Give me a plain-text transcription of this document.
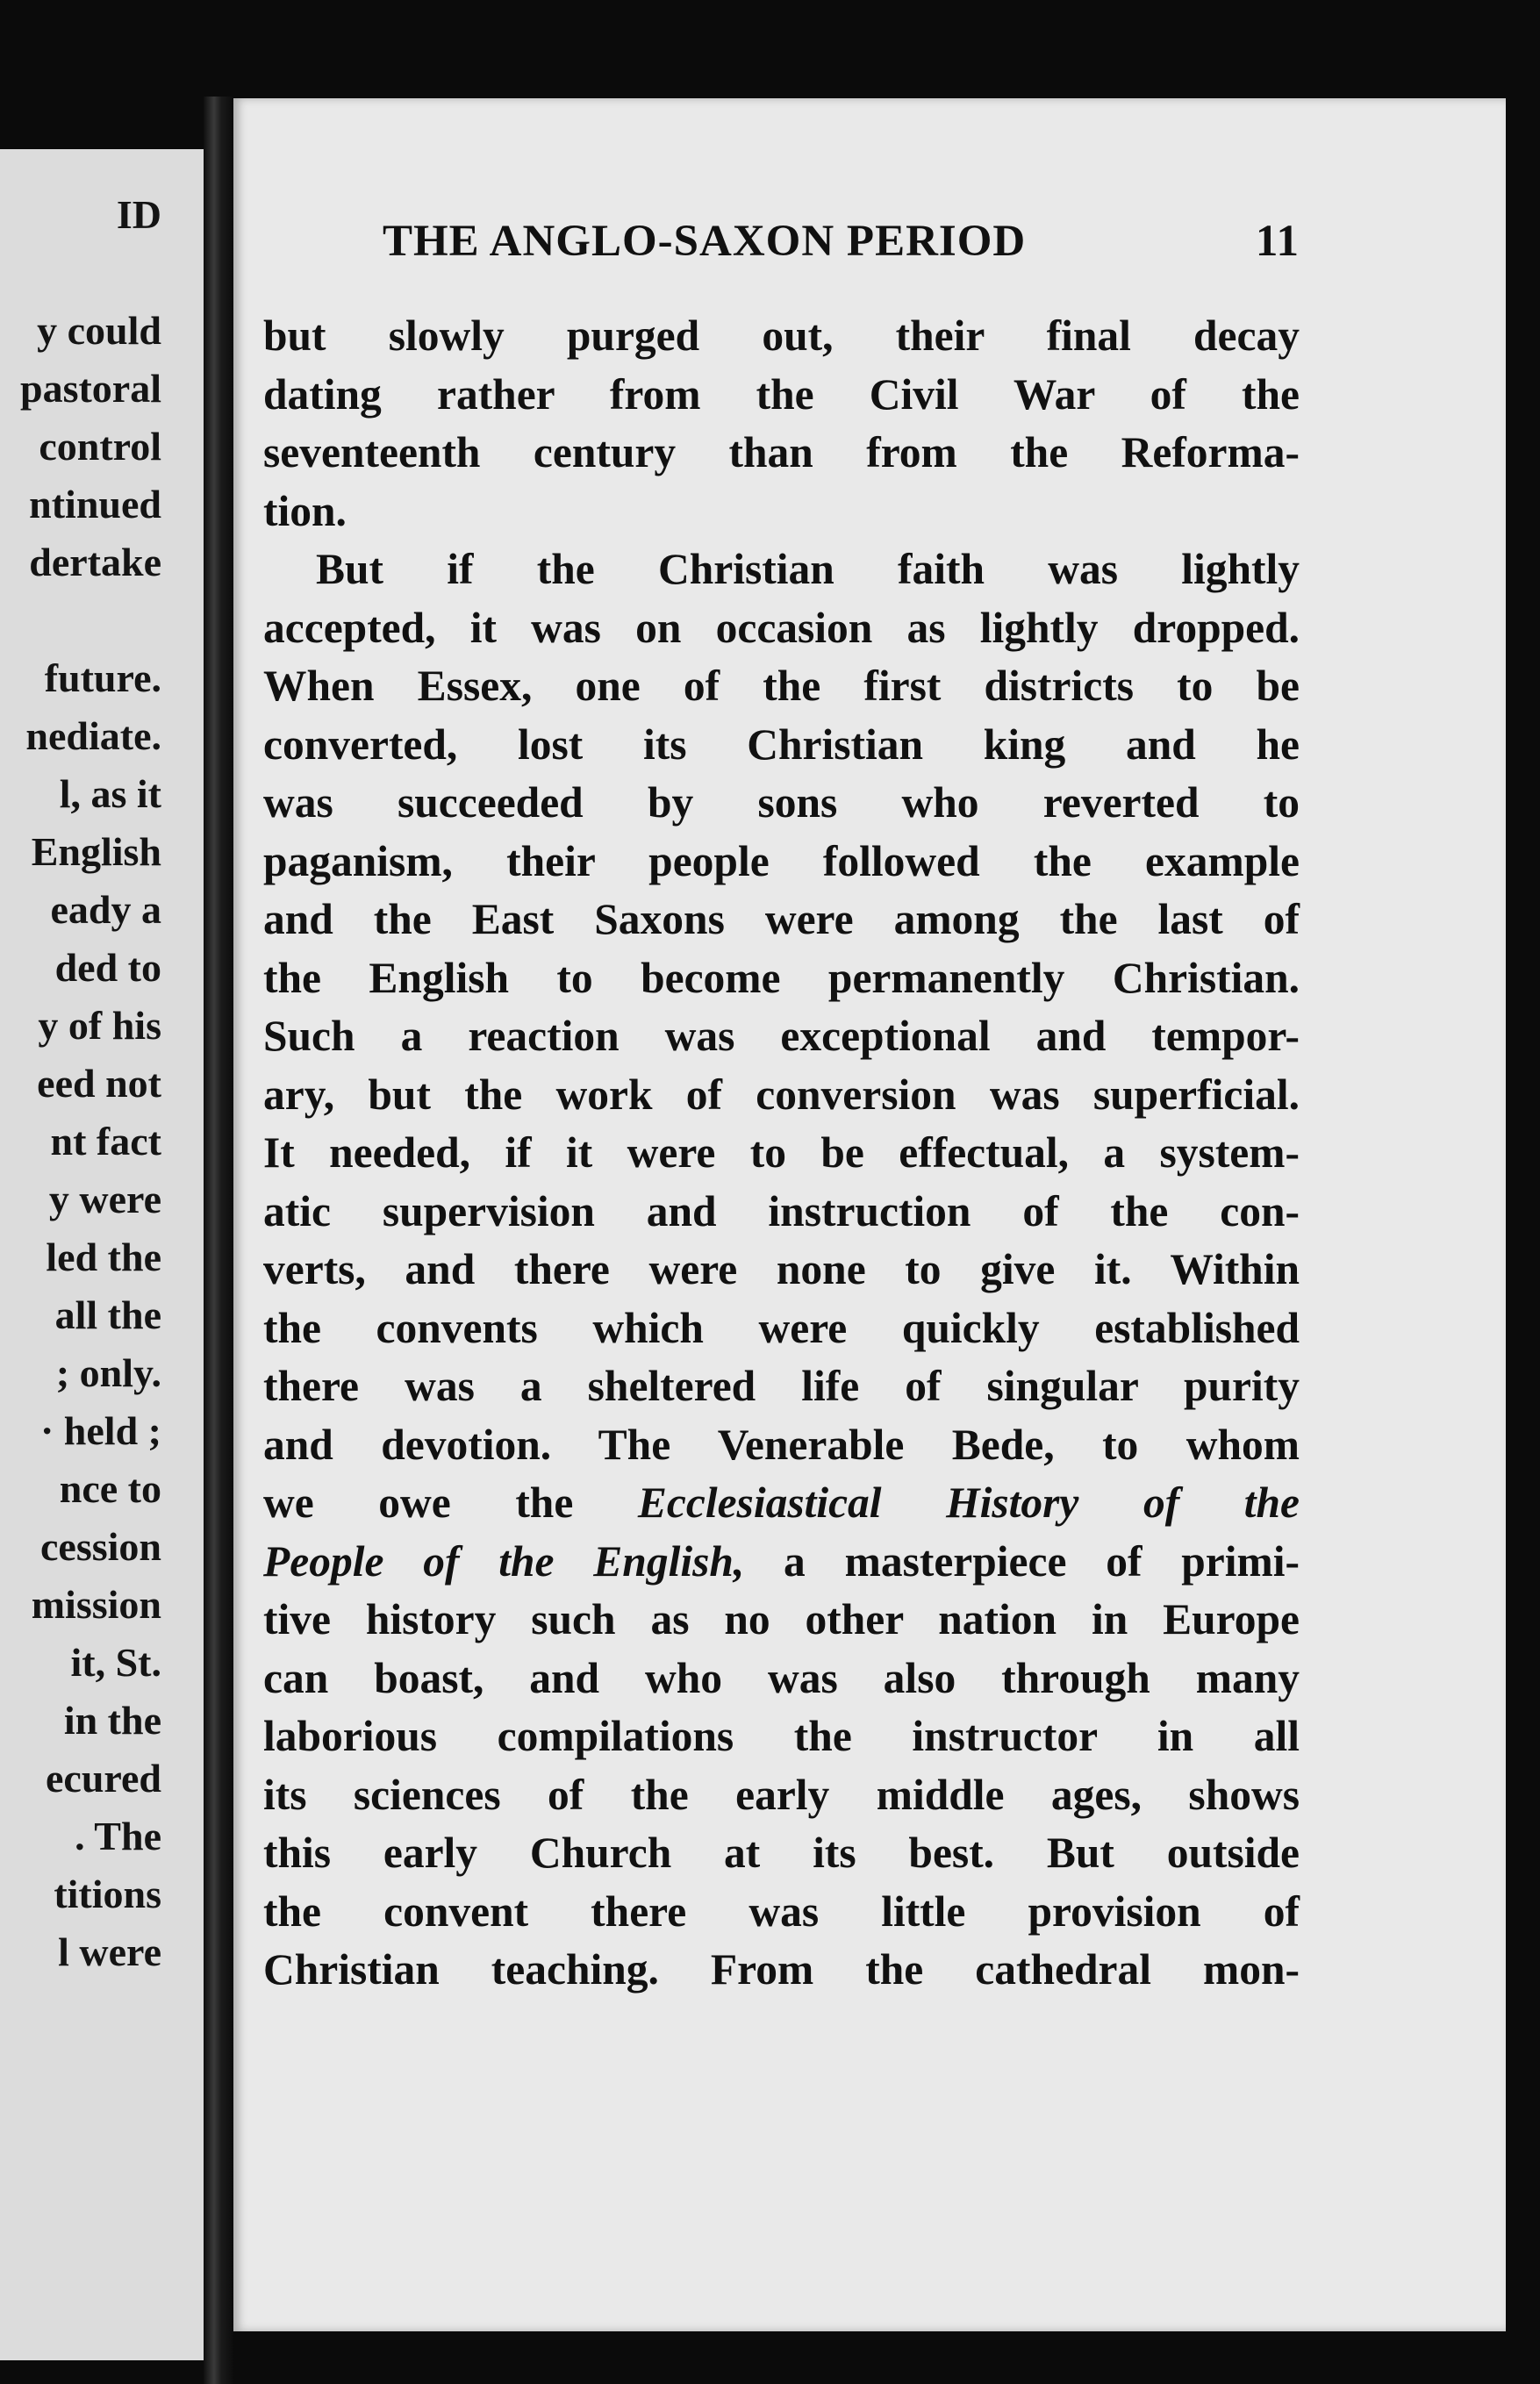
ID

y could
pastoral
control
ntinued
dertake

future.
nediate.
l, as it
English
eady a
ded to
y of his
eed not
nt fact
y were
led the
all the
; only.
· held ;
nce to
cession
mission
it, St.
in the
ecured
. The
titions
l were
THE ANGLO-SAXON PERIOD	11
but slowly purged out, their final decay
dating rather from the Civil War of the
seventeenth century than from the Reforma-
tion.
But if the Christian faith was lightly
accepted, it was on occasion as lightly dropped.
When Essex, one of the first districts to be
converted, lost its Christian king and he
was succeeded by sons who reverted to
paganism, their people followed the example
and the East Saxons were among the last of
the English to become permanently Christian.
Such a reaction was exceptional and tempor-
ary, but the work of conversion was superficial.
It needed, if it were to be effectual, a system-
atic supervision and instruction of the con-
verts, and there were none to give it. Within
the convents which were quickly established
there was a sheltered life of singular purity
and devotion. The Venerable Bede, to whom
we owe the Ecclesiastical History of the
People of the English, a masterpiece of primi-
tive history such as no other nation in Europe
can boast, and who was also through many
laborious compilations the instructor in all
its sciences of the early middle ages, shows
this early Church at its best. But outside
the convent there was little provision of
Christian teaching. From the cathedral mon-
